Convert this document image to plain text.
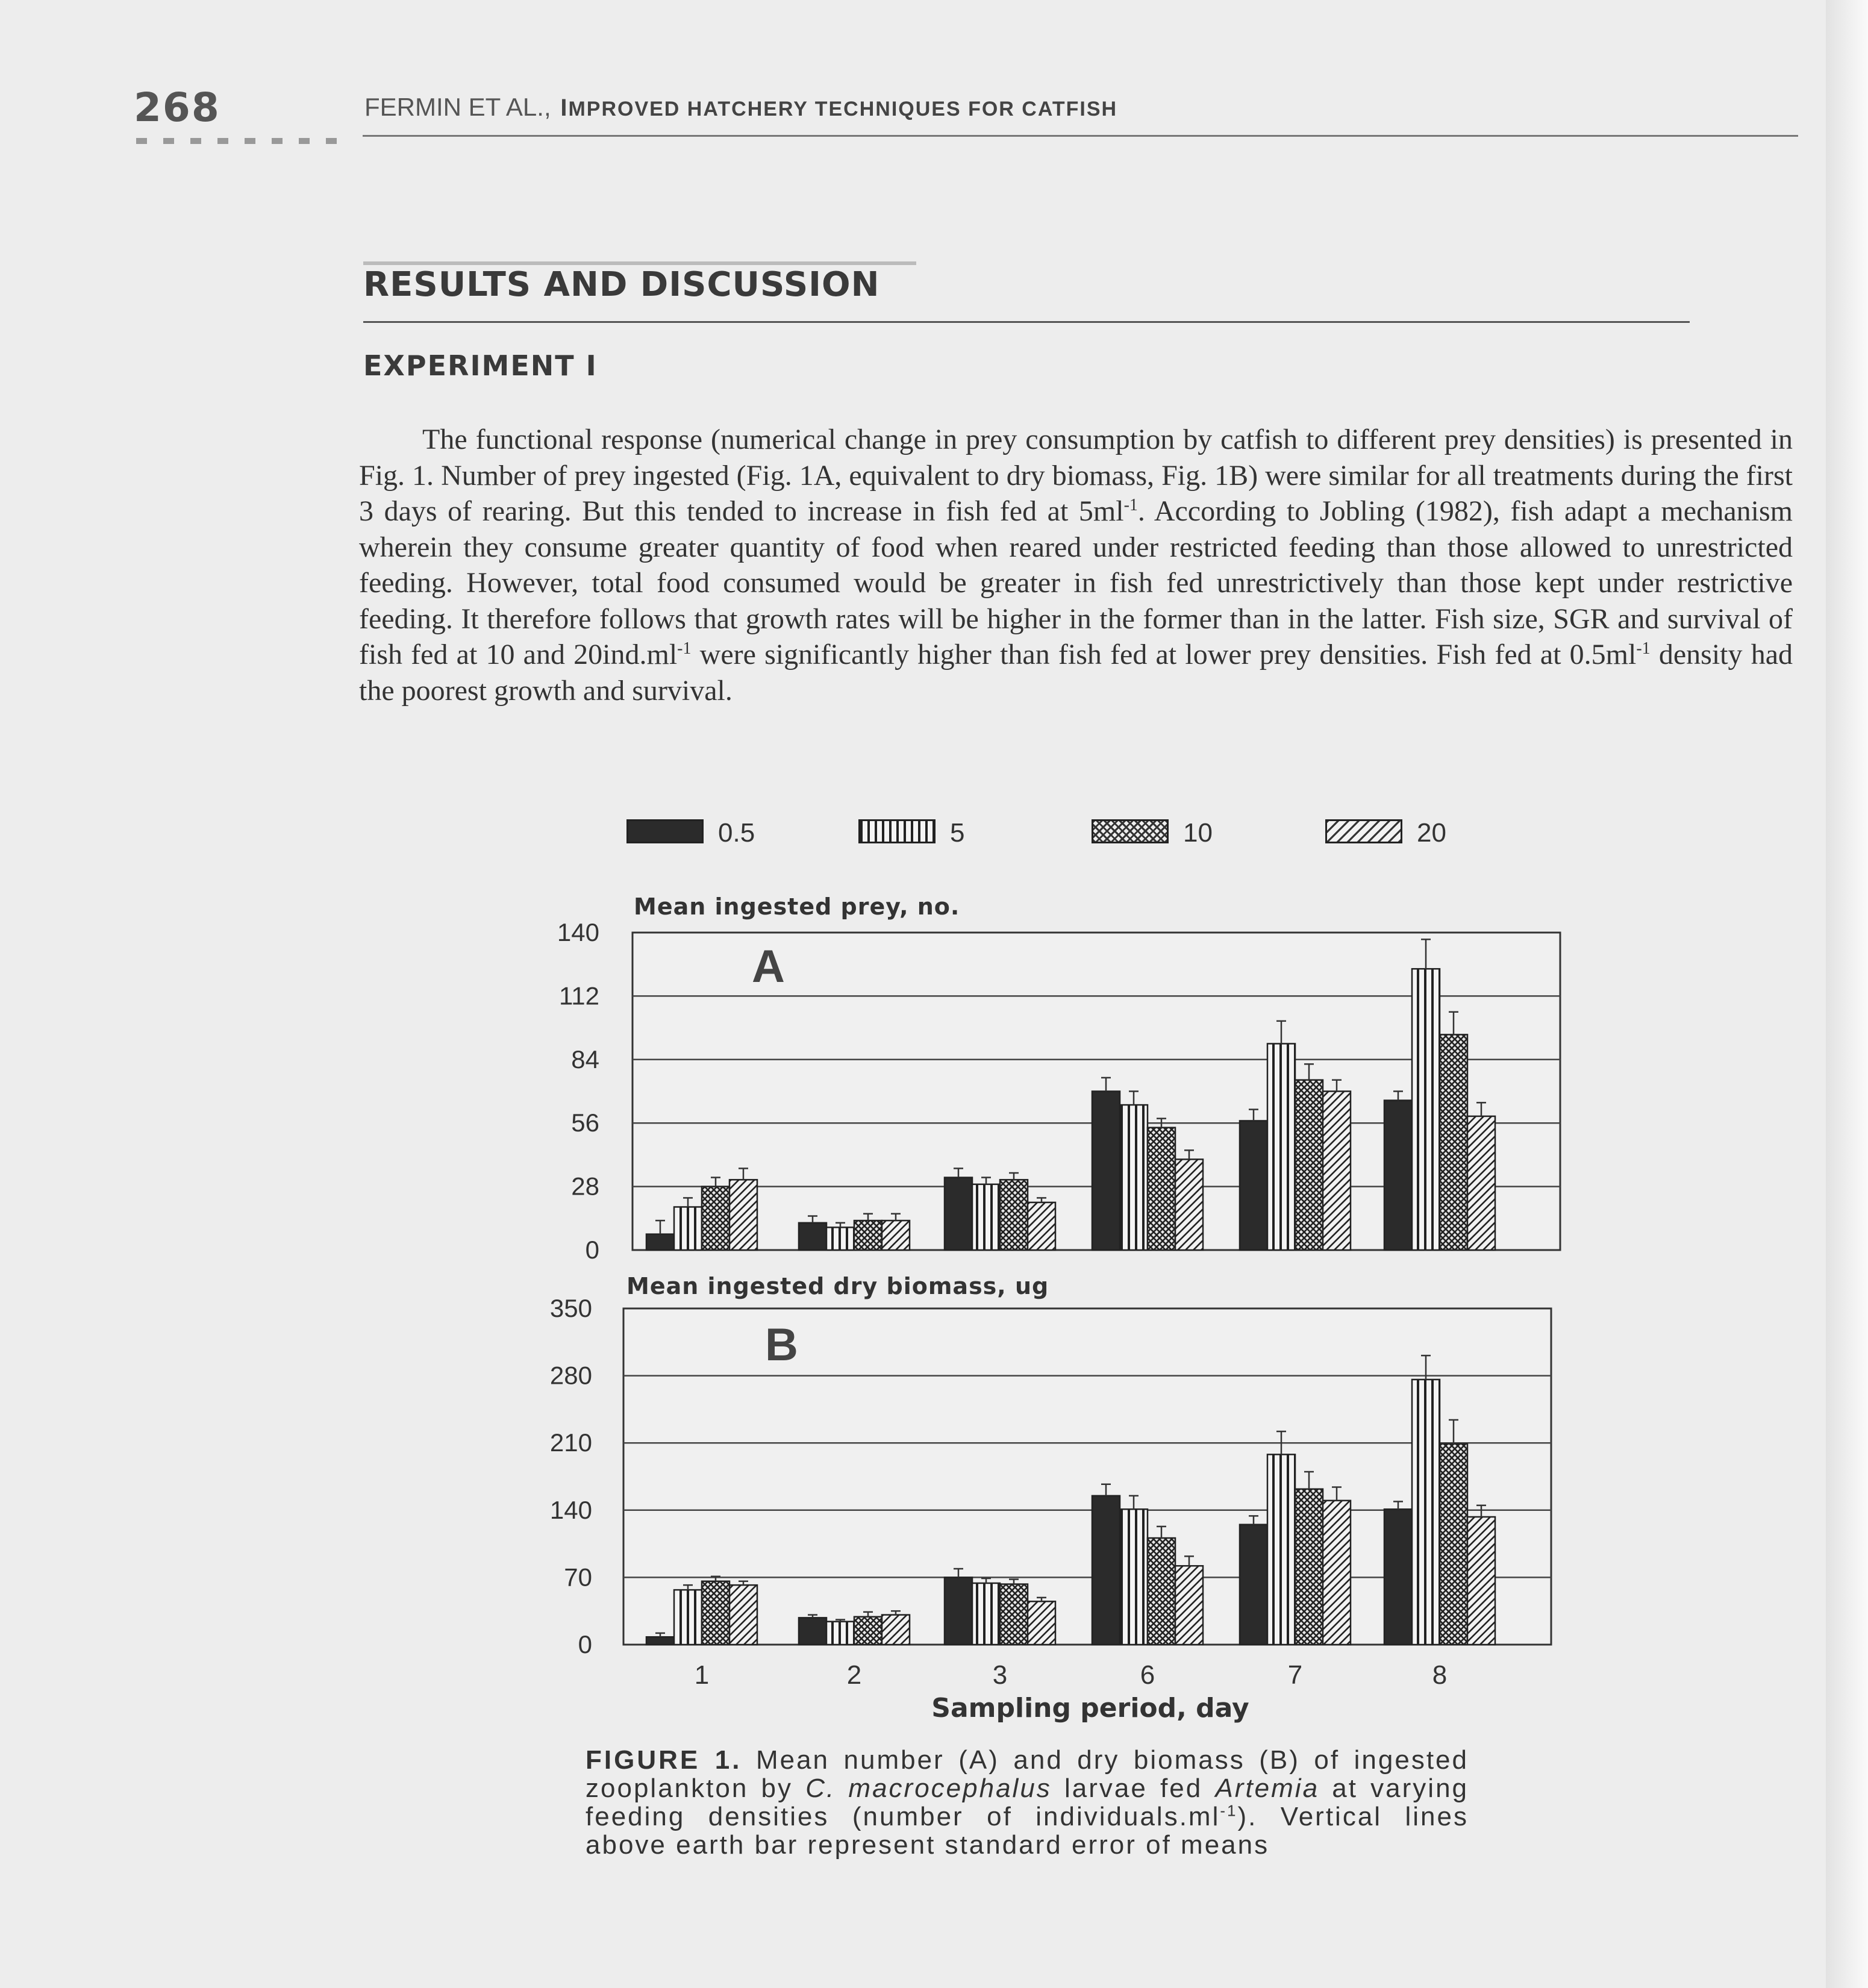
268	FERMIN ET AL., IMPROVED HATCHERY TECHNIQUES FOR CATFISH
RESULTS AND DISCUSSION
EXPERIMENT I
The functional response (numerical change in prey consumption by catfish to different prey densities) is presented in Fig. 1. Number of prey ingested (Fig. 1A, equivalent to dry biomass, Fig. 1B) were similar for all treatments during the first 3 days of rearing. But this tended to increase in fish fed at $5ml^{-1}$. According to Jobling (1982), fish adapt a mechanism wherein they consume greater quantity of food when reared under restricted feeding than those allowed to unrestricted feeding. However, total food consumed would be greater in fish fed unrestrictively than those kept under restrictive feeding. It therefore follows that growth rates will be higher in the former than in the latter. Fish size, SGR and survival of fish fed at 10 and $20ind.ml^{-1}$ were significantly higher than fish fed at lower prey densities. Fish fed at $0.5ml^{-1}$ density had the poorest growth and survival.
0.5	5	10	20
0
28
56
84
112
140
Mean ingested prey, no.
A
0
70
140
210
280
350
Mean ingested dry biomass, ug
B
1	2	3	6	7	8
Sampling period, day
FIGURE 1. Mean number (A) and dry biomass (B) of ingested zooplankton by C. macrocephalus larvae fed Artemia at varying feeding densities (number of $individuals.ml^{-1}$). Vertical lines above earth bar represent standard error of means
